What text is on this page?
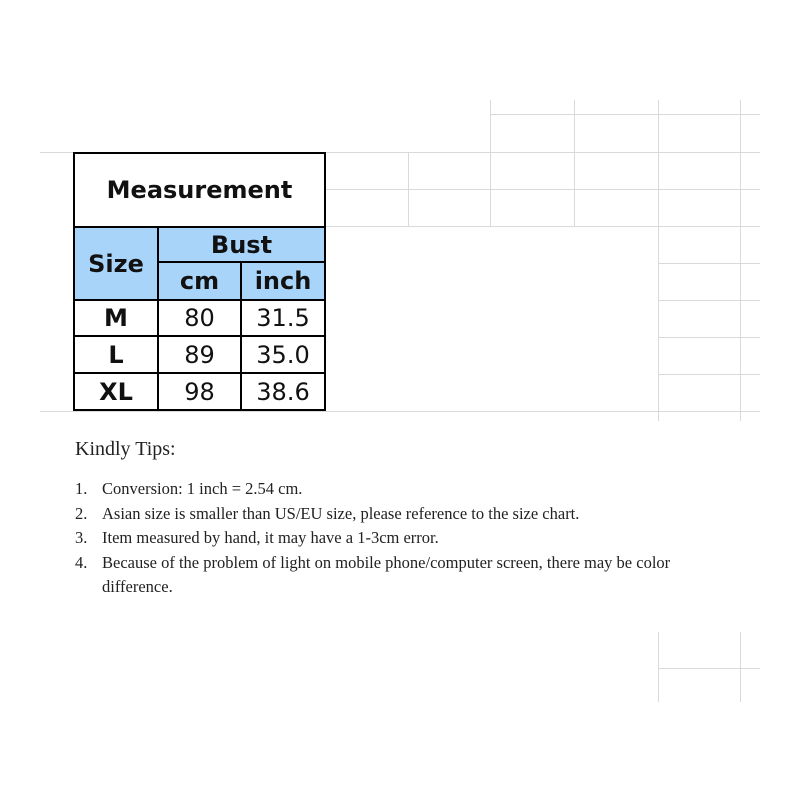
Measurement
Size
Bust
cm	inch
M	80	31.5
L	89	35.0
XL	98	38.6
Kindly Tips:
1. Conversion: 1 inch = 2.54 cm.
2. Asian size is smaller than US/EU size, please reference to the size chart.
3. Item measured by hand, it may have a 1-3cm error.
4. Because of the problem of light on mobile phone/computer screen, there may be color difference.
